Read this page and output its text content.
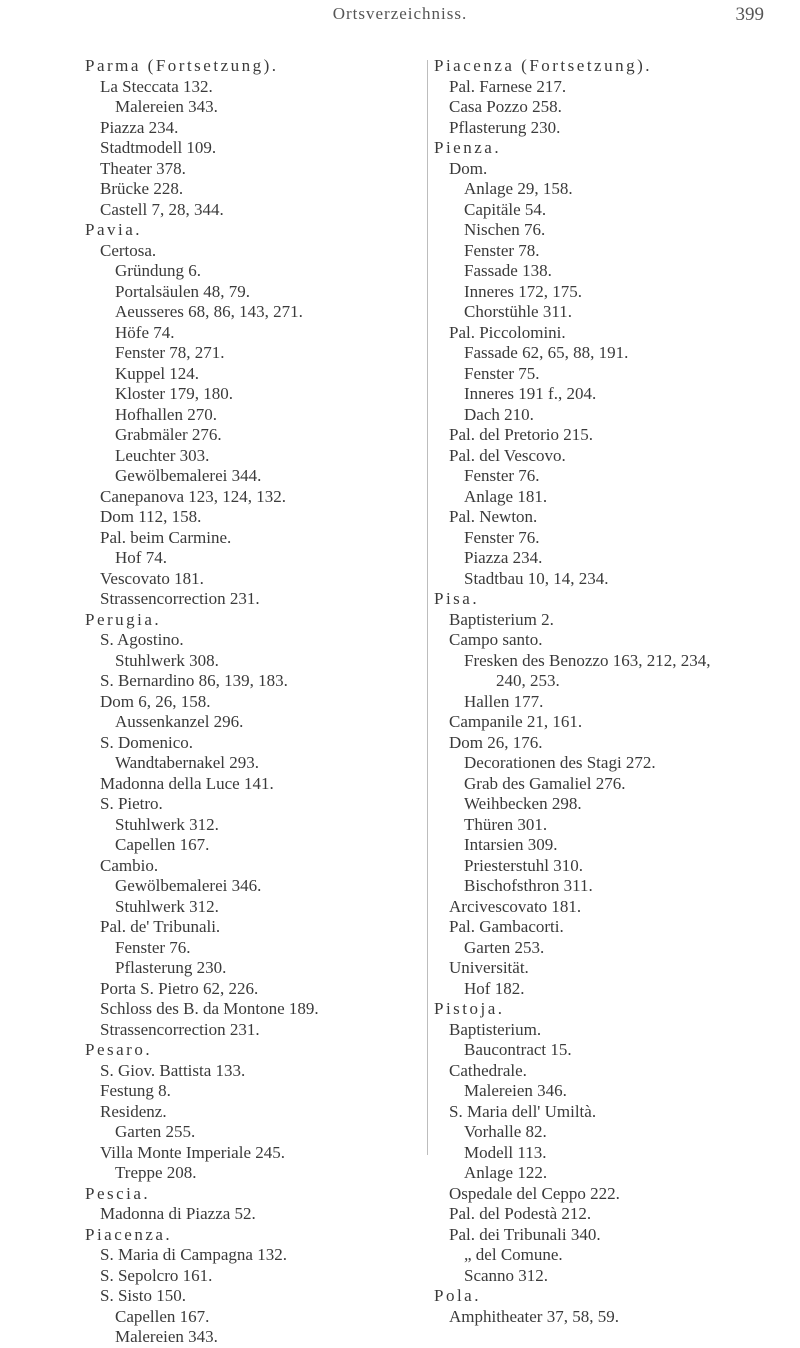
Ortsverzeichniss.	399
Parma (Fortsetzung).
La Steccata 132.
Malereien 343.
Piazza 234.
Stadtmodell 109.
Theater 378.
Brücke 228.
Castell 7, 28, 344.
Pavia.
Certosa.
Gründung 6.
Portalsäulen 48, 79.
Aeusseres 68, 86, 143, 271.
Höfe 74.
Fenster 78, 271.
Kuppel 124.
Kloster 179, 180.
Hofhallen 270.
Grabmäler 276.
Leuchter 303.
Gewölbemalerei 344.
Canepanova 123, 124, 132.
Dom 112, 158.
Pal. beim Carmine.
Hof 74.
Vescovato 181.
Strassencorrection 231.
Perugia.
S. Agostino.
Stuhlwerk 308.
S. Bernardino 86, 139, 183.
Dom 6, 26, 158.
Aussenkanzel 296.
S. Domenico.
Wandtabernakel 293.
Madonna della Luce 141.
S. Pietro.
Stuhlwerk 312.
Capellen 167.
Cambio.
Gewölbemalerei 346.
Stuhlwerk 312.
Pal. de' Tribunali.
Fenster 76.
Pflasterung 230.
Porta S. Pietro 62, 226.
Schloss des B. da Montone 189.
Strassencorrection 231.
Pesaro.
S. Giov. Battista 133.
Festung 8.
Residenz.
Garten 255.
Villa Monte Imperiale 245.
Treppe 208.
Pescia.
Madonna di Piazza 52.
Piacenza.
S. Maria di Campagna 132.
S. Sepolcro 161.
S. Sisto 150.
Capellen 167.
Malereien 343.
Piacenza (Fortsetzung).
Pal. Farnese 217.
Casa Pozzo 258.
Pflasterung 230.
Pienza.
Dom.
Anlage 29, 158.
Capitäle 54.
Nischen 76.
Fenster 78.
Fassade 138.
Inneres 172, 175.
Chorstühle 311.
Pal. Piccolomini.
Fassade 62, 65, 88, 191.
Fenster 75.
Inneres 191 f., 204.
Dach 210.
Pal. del Pretorio 215.
Pal. del Vescovo.
Fenster 76.
Anlage 181.
Pal. Newton.
Fenster 76.
Piazza 234.
Stadtbau 10, 14, 234.
Pisa.
Baptisterium 2.
Campo santo.
Fresken des Benozzo 163, 212, 234,
240, 253.
Hallen 177.
Campanile 21, 161.
Dom 26, 176.
Decorationen des Stagi 272.
Grab des Gamaliel 276.
Weihbecken 298.
Thüren 301.
Intarsien 309.
Priesterstuhl 310.
Bischofsthron 311.
Arcivescovato 181.
Pal. Gambacorti.
Garten 253.
Universität.
Hof 182.
Pistoja.
Baptisterium.
Baucontract 15.
Cathedrale.
Malereien 346.
S. Maria dell' Umiltà.
Vorhalle 82.
Modell 113.
Anlage 122.
Ospedale del Ceppo 222.
Pal. del Podestà 212.
Pal. dei Tribunali 340.
„ del Comune.
Scanno 312.
Pola.
Amphitheater 37, 58, 59.
